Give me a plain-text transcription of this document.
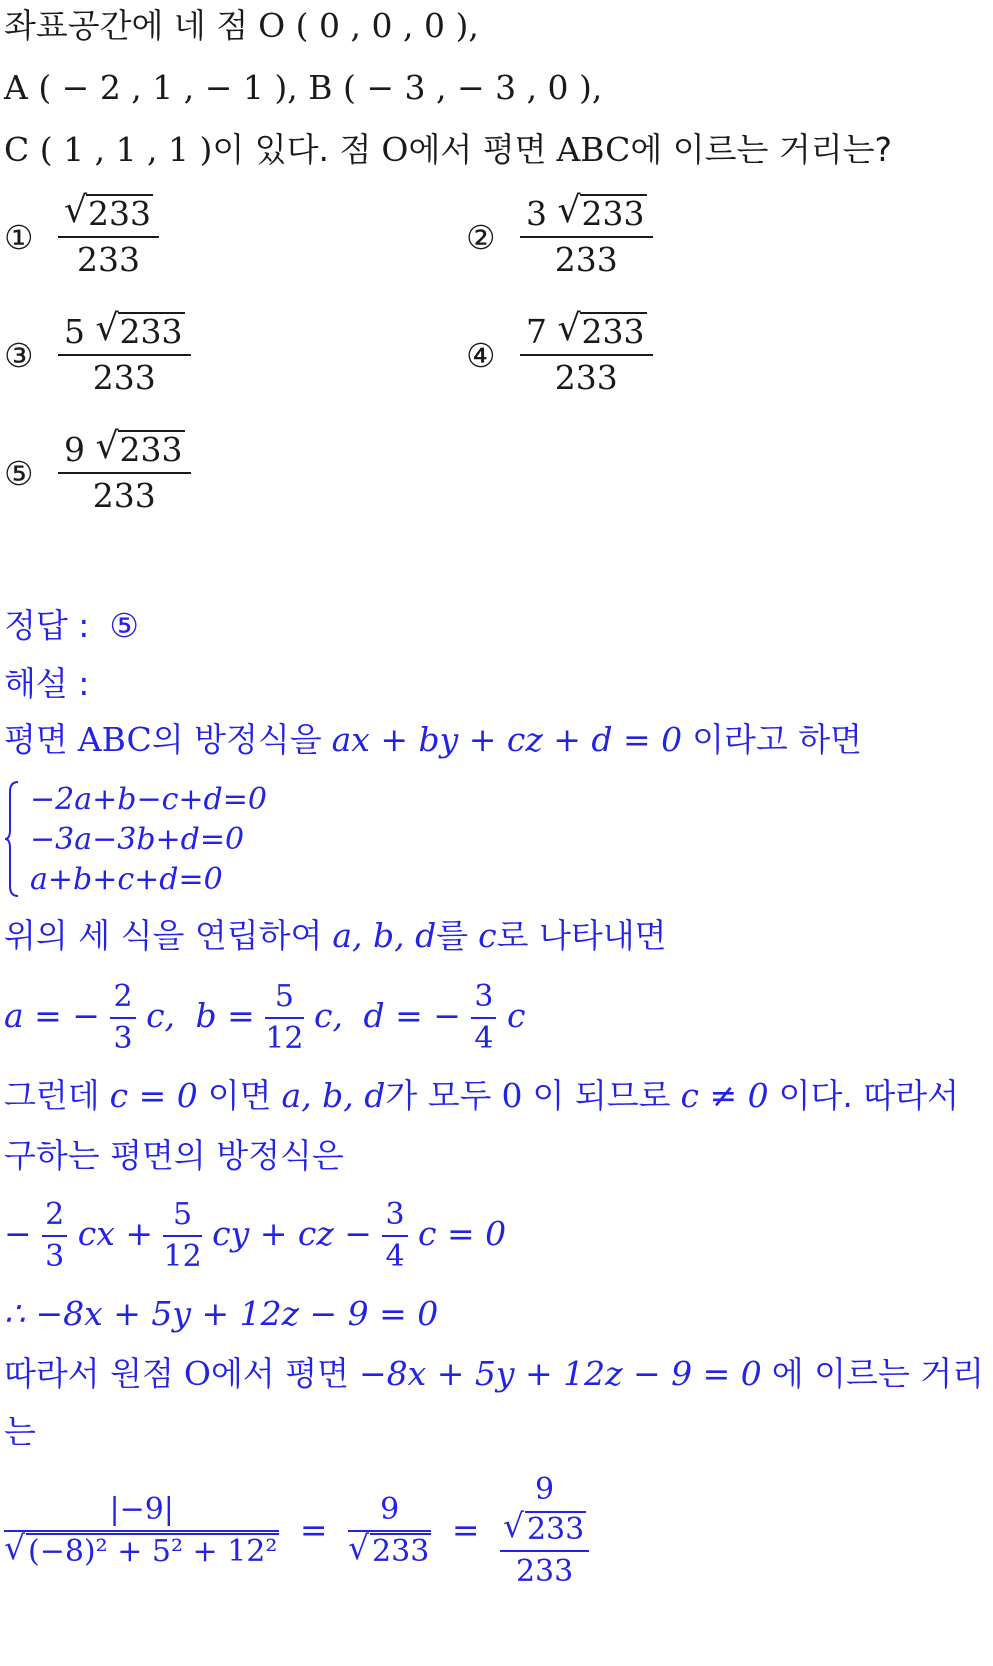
좌표공간에 네 점 O ( 0 , 0 , 0 ),
A ( − 2 , 1 , − 1 ), B ( − 3 , − 3 , 0 ),
C ( 1 , 1 , 1 )이 있다. 점 O에서 평면 ABC에 이르는 거리는?
① $\frac{√ 233}{233}$	② $\frac{3 √ 233}{233}$
③ $\frac{5 √ 233}{233}$	④ $\frac{7 √ 233}{233}$
⑤ $\frac{9 √ 233}{233}$
정답 : ⑤
해설 :
평면 ABC의 방정식을 ax + by + cz + d = 0 이라고 하면
−2a+b−c+d=0
−3a−3b+d=0
a+b+c+d=0
위의 세 식을 연립하여 a, b, d를 c로 나타내면
a = − $\frac{2}{3} c$, $b = \frac{5}{12} c$, d = − $\frac{3}{4}$ c
그런데 c = 0 이면 a, b, d가 모두 0 이 되므로 c ≠ 0 이다. 따라서
구하는 평면의 방정식은
− $\frac{2}{3}$ cx + $\frac{5}{12}$ cy + cz − $\frac{3}{4}$ c = 0
∴ −8x + 5y + 12z − 9 = 0
따라서 원점 O에서 평면 −8x + 5y + 12z − 9 = 0 에 이르는 거리
는
$\frac{|-9|}{\text{√ (−8)² + 5² + 12²}} = \frac{9}{√ 233} = 9$
√ 233
233
